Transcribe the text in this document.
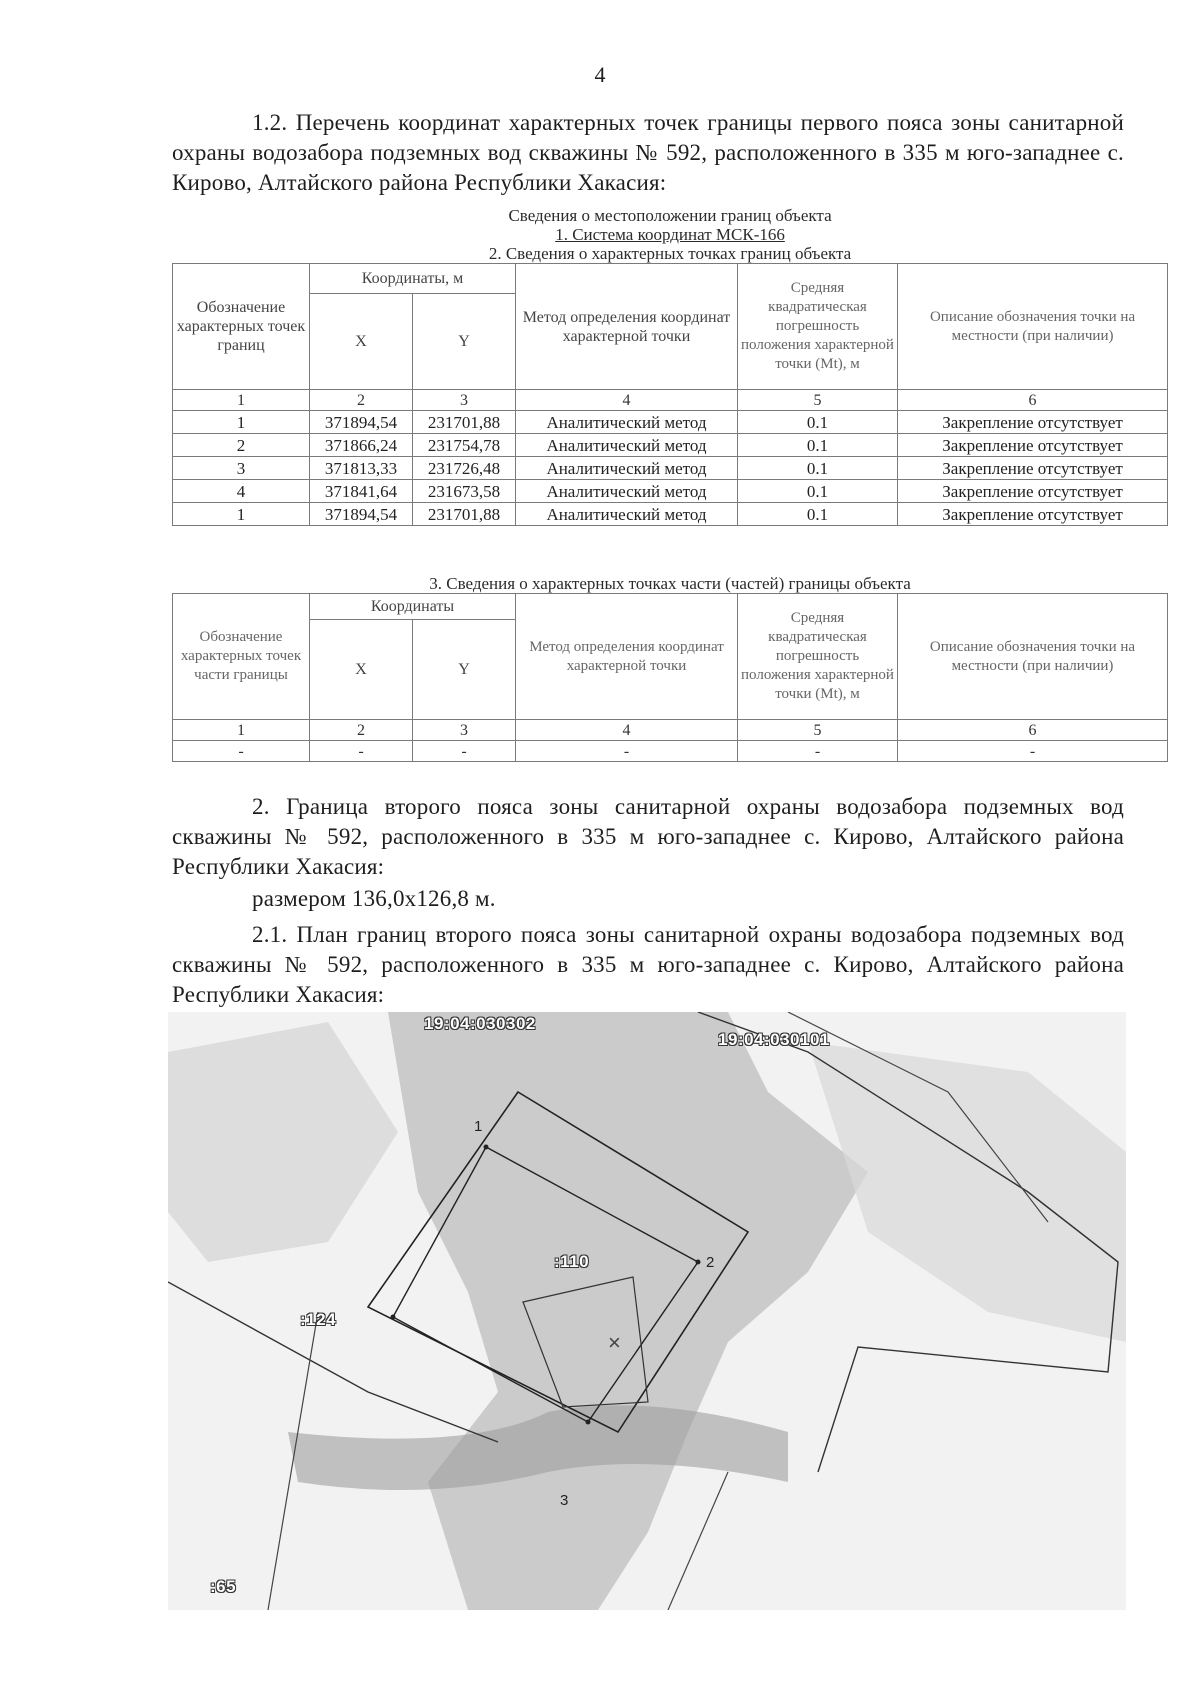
4
1.2. Перечень координат характерных точек границы первого пояса зоны санитарной охраны водозабора подземных вод скважины № 592, расположенного в 335 м юго-западнее с. Кирово, Алтайского района Республики Хакасия:
Сведения о местоположении границ объекта					
1. Система координат МСК-166					
2. Сведения о характерных точках границ объекта					
Обозначение характерных точек границ	Координаты, м		Метод определения координат характерной точки	Средняя квадратическая погрешность положения характерной точки (Mt), м	Описание обозначения точки на местности (при наличии)
	X	Y			
1	2	3	4	5	6
1	371894,54	231701,88	Аналитический метод	0.1	Закрепление отсутствует
2	371866,24	231754,78	Аналитический метод	0.1	Закрепление отсутствует
3	371813,33	231726,48	Аналитический метод	0.1	Закрепление отсутствует
4	371841,64	231673,58	Аналитический метод	0.1	Закрепление отсутствует
1	371894,54	231701,88	Аналитический метод	0.1	Закрепление отсутствует
3. Сведения о характерных точках части (частей) границы объекта					
Обозначение характерных точек части границы	Координаты		Метод определения координат характерной точки	Средняя квадратическая погрешность положения характерной точки (Mt), м	Описание обозначения точки на местности (при наличии)
	X	Y			
1	2	3	4	5	6
-	-	-	-	-	-
2. Граница второго пояса зоны санитарной охраны водозабора подземных вод скважины № 592, расположенного в 335 м юго-западнее с. Кирово, Алтайского района Республики Хакасия:
размером 136,0х126,8 м.
2.1. План границ второго пояса зоны санитарной охраны водозабора подземных вод скважины № 592, расположенного в 335 м юго-западнее с. Кирово, Алтайского района Республики Хакасия:
×
19:04:030302
19:04:030101
:110
:124
:65
1
2
3
